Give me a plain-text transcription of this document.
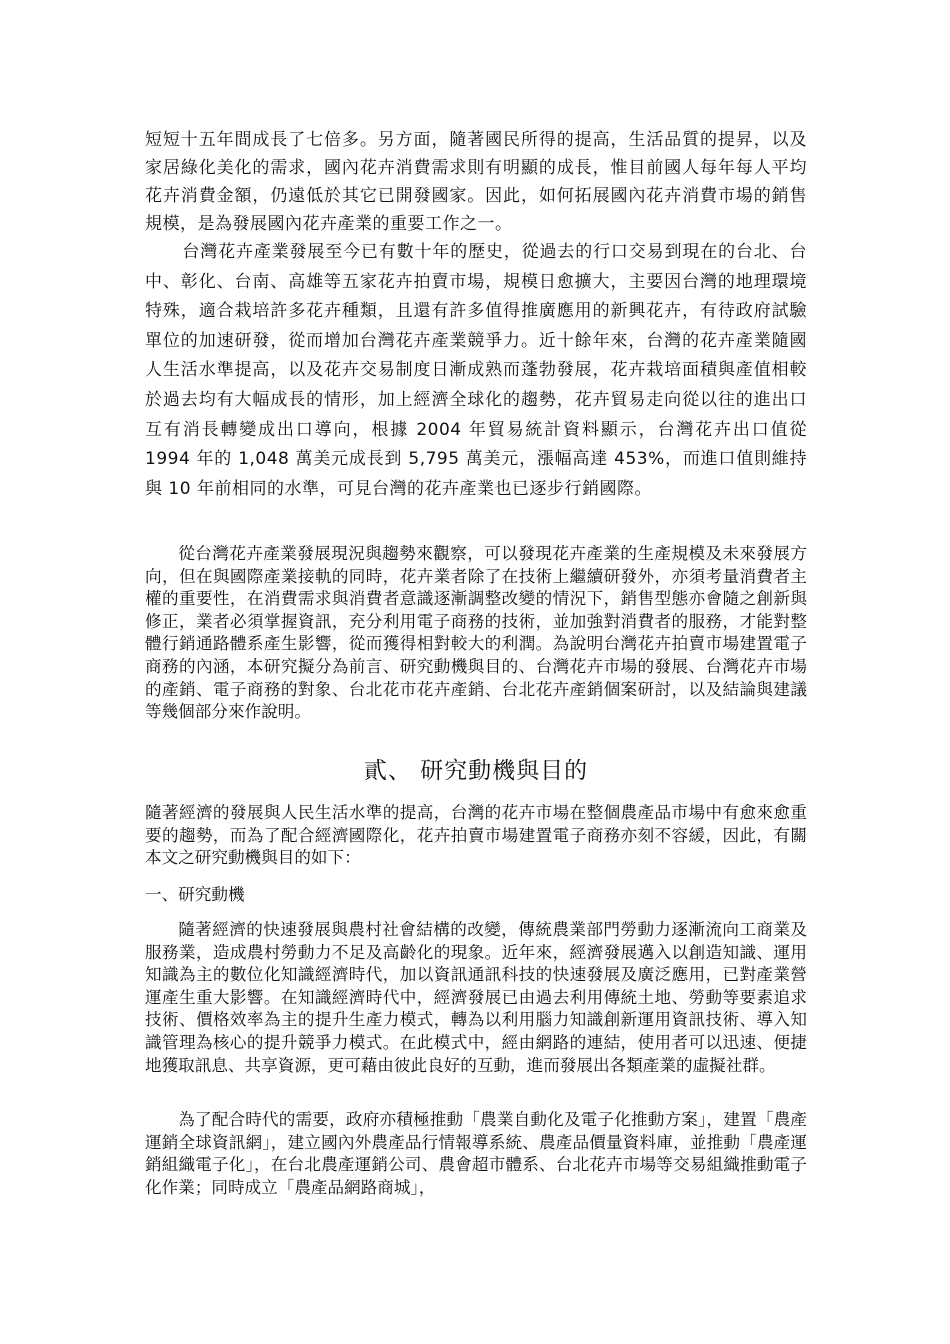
短短十五年間成長了七倍多。另方面，隨著國民所得的提高，生活品質的提昇，以及家居綠化美化的需求，國內花卉消費需求則有明顯的成長，惟目前國人每年每人平均花卉消費金額，仍遠低於其它已開發國家。因此，如何拓展國內花卉消費市場的銷售規模，是為發展國內花卉產業的重要工作之一。

台灣花卉產業發展至今已有數十年的歷史，從過去的行口交易到現在的台北、台中、彰化、台南、高雄等五家花卉拍賣市場，規模日愈擴大，主要因台灣的地理環境特殊，適合栽培許多花卉種類，且還有許多值得推廣應用的新興花卉，有待政府試驗單位的加速研發，從而增加台灣花卉產業競爭力。近十餘年來，台灣的花卉產業隨國人生活水準提高，以及花卉交易制度日漸成熟而蓬勃發展，花卉栽培面積與產值相較於過去均有大幅成長的情形，加上經濟全球化的趨勢，花卉貿易走向從以往的進出口互有消長轉變成出口導向，根據 2004 年貿易統計資料顯示，台灣花卉出口值從 1994 年的 1,048 萬美元成長到 5,795 萬美元，漲幅高達 453%，而進口值則維持與 10 年前相同的水準，可見台灣的花卉產業也已逐步行銷國際。

從台灣花卉產業發展現況與趨勢來觀察，可以發現花卉產業的生產規模及未來發展方向，但在與國際產業接軌的同時，花卉業者除了在技術上繼續研發外，亦須考量消費者主權的重要性，在消費需求與消費者意識逐漸調整改變的情況下，銷售型態亦會隨之創新與修正，業者必須掌握資訊，充分利用電子商務的技術，並加強對消費者的服務，才能對整體行銷通路體系產生影響，從而獲得相對較大的利潤。為說明台灣花卉拍賣市場建置電子商務的內涵，本研究擬分為前言、研究動機與目的、台灣花卉市場的發展、台灣花卉市場的產銷、電子商務的對象、台北花市花卉產銷、台北花卉產銷個案研討，以及結論與建議等幾個部分來作說明。

貳、 研究動機與目的

隨著經濟的發展與人民生活水準的提高，台灣的花卉市場在整個農產品市場中有愈來愈重要的趨勢，而為了配合經濟國際化，花卉拍賣市場建置電子商務亦刻不容緩，因此，有關本文之研究動機與目的如下：

一、研究動機

隨著經濟的快速發展與農村社會結構的改變，傳統農業部門勞動力逐漸流向工商業及服務業，造成農村勞動力不足及高齡化的現象。近年來，經濟發展邁入以創造知識、運用知識為主的數位化知識經濟時代，加以資訊通訊科技的快速發展及廣泛應用，已對產業營運產生重大影響。在知識經濟時代中，經濟發展已由過去利用傳統土地、勞動等要素追求技術、價格效率為主的提升生產力模式，轉為以利用腦力知識創新運用資訊技術、導入知識管理為核心的提升競爭力模式。在此模式中，經由網路的連結，使用者可以迅速、便捷地獲取訊息、共享資源，更可藉由彼此良好的互動，進而發展出各類產業的虛擬社群。

為了配合時代的需要，政府亦積極推動「農業自動化及電子化推動方案」，建置「農產運銷全球資訊網」，建立國內外農產品行情報導系統、農產品價量資料庫，並推動「農產運銷組織電子化」，在台北農產運銷公司、農會超市體系、台北花卉市場等交易組織推動電子化作業；同時成立「農產品網路商城」，
